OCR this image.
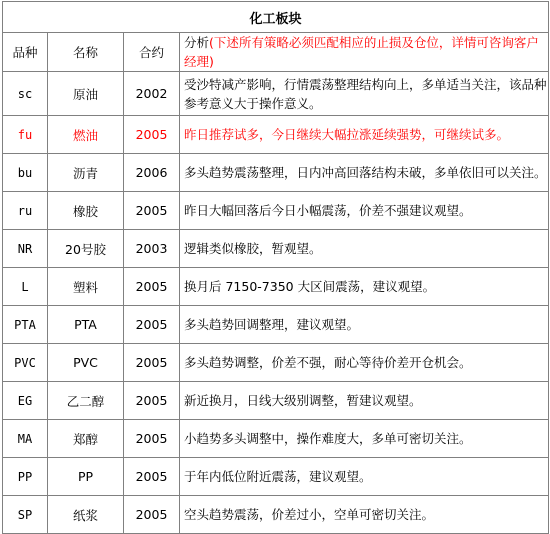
化工板块			
品种	名称	合约	分析(下述所有策略必须匹配相应的止损及仓位，详情可咨询客户经理)
sc	原油	2002	受沙特减产影响，行情震荡整理结构向上，多单适当关注，该品种参考意义大于操作意义。
fu	燃油	2005	昨日推荐试多，今日继续大幅拉涨延续强势，可继续试多。
bu	沥青	2006	多头趋势震荡整理，日内冲高回落结构未破，多单依旧可以关注。
ru	橡胶	2005	昨日大幅回落后今日小幅震荡，价差不强建议观望。
NR	20号胶	2003	逻辑类似橡胶，暂观望。
L	塑料	2005	换月后 7150-7350 大区间震荡，建议观望。
PTA	PTA	2005	多头趋势回调整理，建议观望。
PVC	PVC	2005	多头趋势调整，价差不强，耐心等待价差开仓机会。
EG	乙二醇	2005	新近换月，日线大级别调整，暂建议观望。
MA	郑醇	2005	小趋势多头调整中，操作难度大，多单可密切关注。
PP	PP	2005	于年内低位附近震荡，建议观望。
SP	纸浆	2005	空头趋势震荡，价差过小，空单可密切关注。
